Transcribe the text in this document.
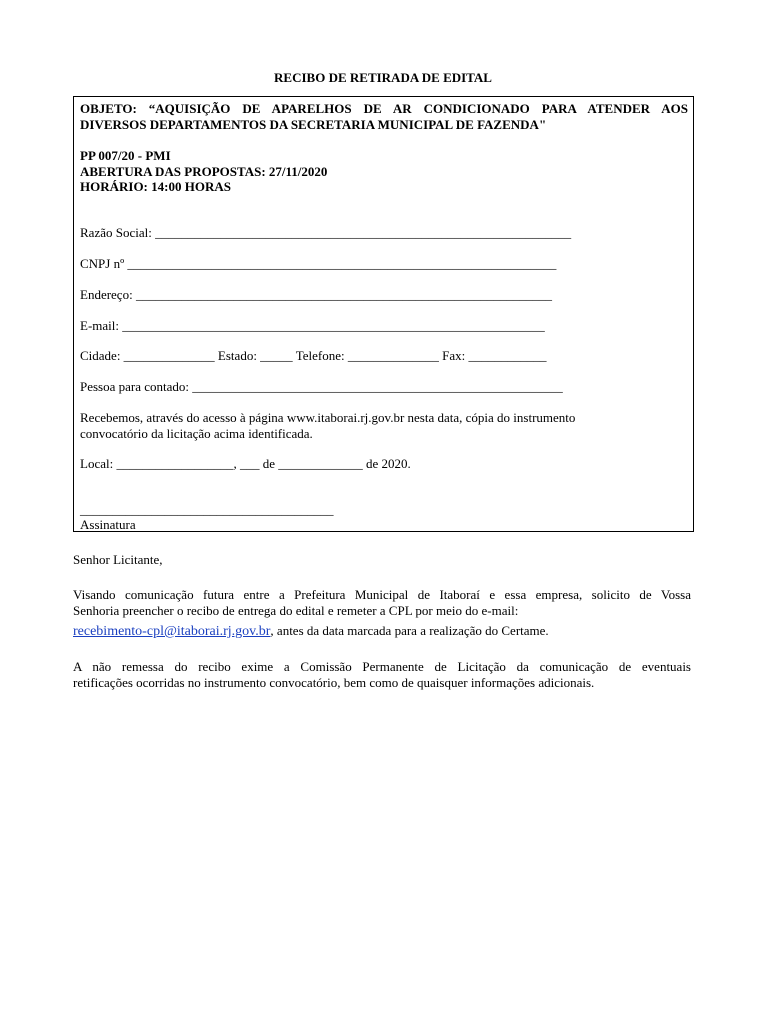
RECIBO DE RETIRADA DE EDITAL
OBJETO: “AQUISIÇÃO DE APARELHOS DE AR CONDICIONADO PARA ATENDER AOS
DIVERSOS DEPARTAMENTOS DA SECRETARIA MUNICIPAL DE FAZENDA"
PP 007/20 - PMI
ABERTURA DAS PROPOSTAS: 27/11/2020
HORÁRIO: 14:00 HORAS
Razão Social: ________________________________________________________________
CNPJ nº __________________________________________________________________
Endereço: ________________________________________________________________
E-mail: _________________________________________________________________
Cidade: ______________ Estado: _____ Telefone: ______________ Fax: ____________
Pessoa para contado: _________________________________________________________
Recebemos, através do acesso à página www.itaborai.rj.gov.br nesta data, cópia do instrumento
convocatório da licitação acima identificada.
Local: __________________, ___ de _____________ de 2020.
_______________________________________
Assinatura
Senhor Licitante,
Visando comunicação futura entre a Prefeitura Municipal de Itaboraí e essa empresa, solicito de Vossa
Senhoria preencher o recibo de entrega do edital e remeter a CPL por meio do e-mail:
recebimento-cpl@itaborai.rj.gov.br, antes da data marcada para a realização do Certame.
A não remessa do recibo exime a Comissão Permanente de Licitação da comunicação de eventuais
retificações ocorridas no instrumento convocatório, bem como de quaisquer informações adicionais.
